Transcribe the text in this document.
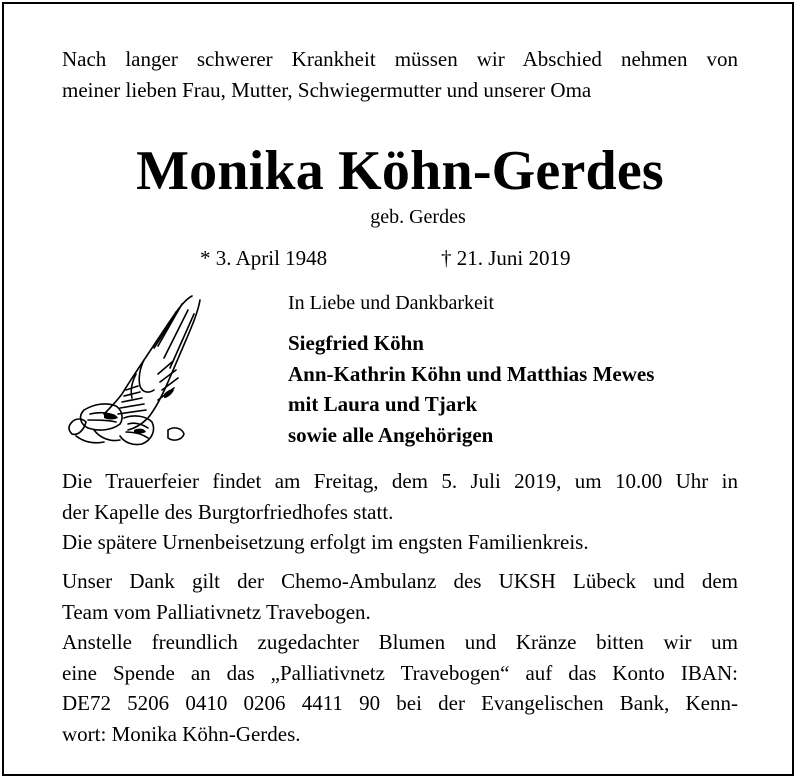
Nach langer schwerer Krankheit müssen wir Abschied nehmen von
meiner lieben Frau, Mutter, Schwiegermutter und unserer Oma
Monika Köhn-Gerdes
geb. Gerdes
* 3. April 1948	† 21. Juni 2019
In Liebe und Dankbarkeit
Siegfried Köhn
Ann-Kathrin Köhn und Matthias Mewes
mit Laura und Tjark
sowie alle Angehörigen
Die Trauerfeier findet am Freitag, dem 5. Juli 2019, um 10.00 Uhr in
der Kapelle des Burgtorfriedhofes statt.
Die spätere Urnenbeisetzung erfolgt im engsten Familienkreis.
Unser Dank gilt der Chemo-Ambulanz des UKSH Lübeck und dem
Team vom Palliativnetz Travebogen.
Anstelle freundlich zugedachter Blumen und Kränze bitten wir um
eine Spende an das „Palliativnetz Travebogen“ auf das Konto IBAN:
DE72 5206 0410 0206 4411 90 bei der Evangelischen Bank, Kenn-
wort: Monika Köhn-Gerdes.
